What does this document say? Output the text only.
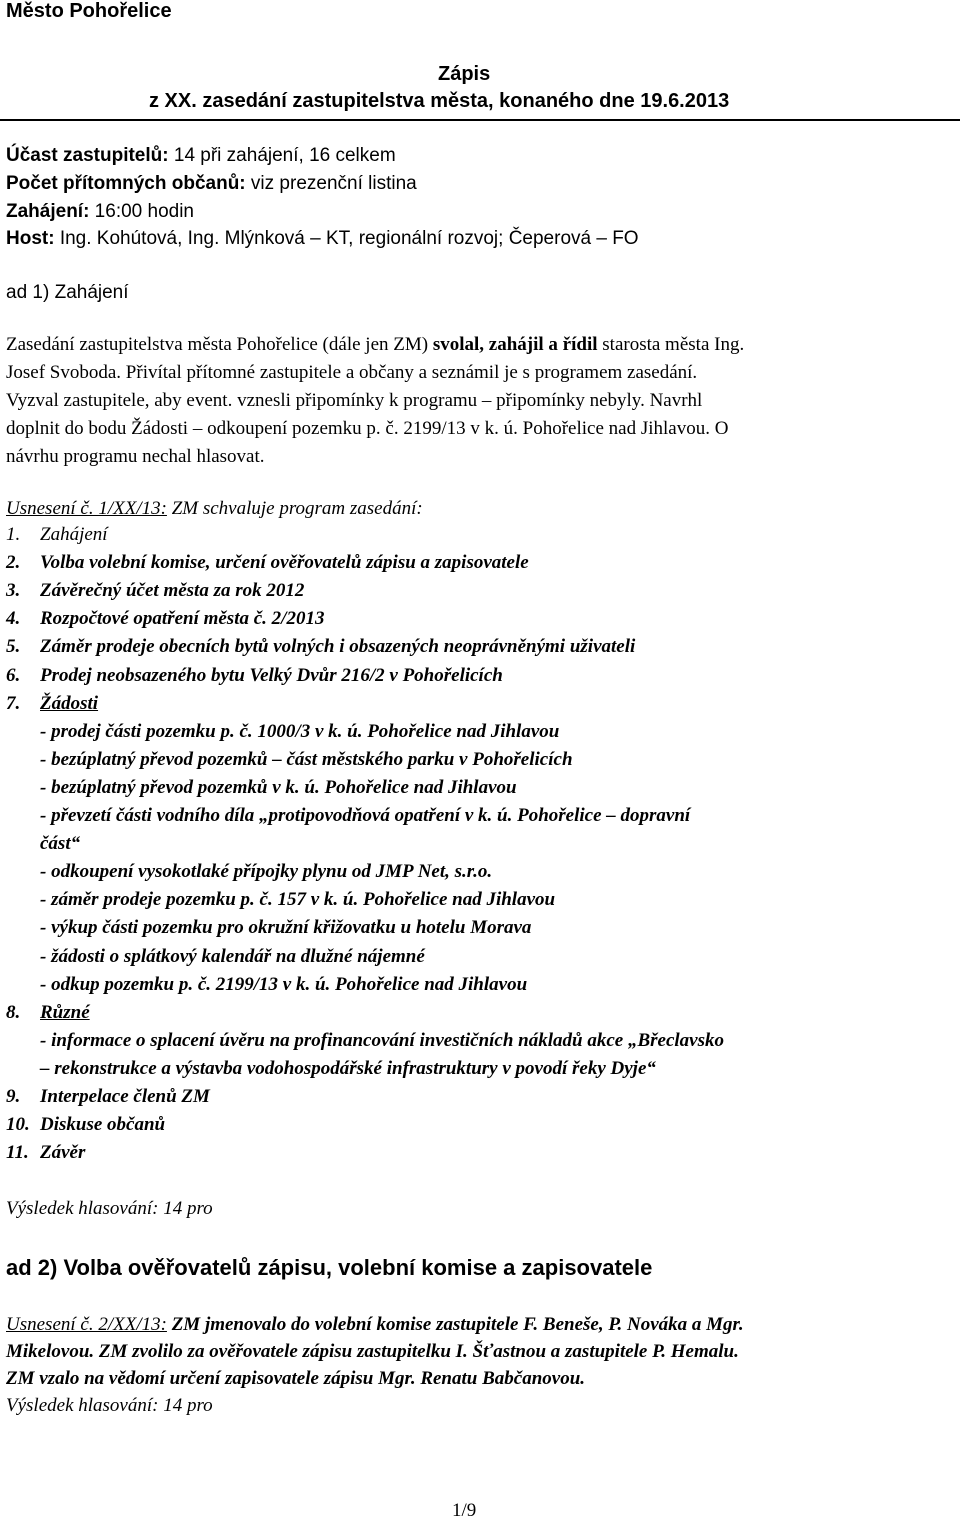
Město Pohořelice
Zápis
z XX. zasedání zastupitelstva města, konaného dne 19.6.2013
Účast zastupitelů: 14 při zahájení, 16 celkem
Počet přítomných občanů: viz prezenční listina
Zahájení: 16:00 hodin
Host: Ing. Kohútová, Ing. Mlýnková – KT, regionální rozvoj; Čeperová – FO
ad 1) Zahájení
Zasedání zastupitelstva města Pohořelice (dále jen ZM) svolal, zahájil a řídil starosta města Ing.
Josef Svoboda. Přivítal přítomné zastupitele a občany a seznámil je s programem zasedání.
Vyzval zastupitele, aby event. vznesli připomínky k programu – připomínky nebyly. Navrhl
doplnit do bodu Žádosti – odkoupení pozemku p. č. 2199/13 v k. ú. Pohořelice nad Jihlavou. O
návrhu programu nechal hlasovat.
Usnesení č. 1/XX/13: ZM schvaluje program zasedání:
1. Zahájení
2. Volba volební komise, určení ověřovatelů zápisu a zapisovatele
3. Závěrečný účet města za rok 2012
4. Rozpočtové opatření města č. 2/2013
5. Záměr prodeje obecních bytů volných i obsazených neoprávněnými uživateli
6. Prodej neobsazeného bytu Velký Dvůr 216/2 v Pohořelicích
7. Žádosti
- prodej části pozemku p. č. 1000/3 v k. ú. Pohořelice nad Jihlavou
- bezúplatný převod pozemků – část městského parku v Pohořelicích
- bezúplatný převod pozemků v k. ú. Pohořelice nad Jihlavou
- převzetí části vodního díla „protipovodňová opatření v k. ú. Pohořelice – dopravní
část“
- odkoupení vysokotlaké přípojky plynu od JMP Net, s.r.o.
- záměr prodeje pozemku p. č. 157 v k. ú. Pohořelice nad Jihlavou
- výkup části pozemku pro okružní křižovatku u hotelu Morava
- žádosti o splátkový kalendář na dlužné nájemné
- odkup pozemku p. č. 2199/13 v k. ú. Pohořelice nad Jihlavou
8. Různé
- informace o splacení úvěru na profinancování investičních nákladů akce „Břeclavsko
– rekonstrukce a výstavba vodohospodářské infrastruktury v povodí řeky Dyje“
9. Interpelace členů ZM
10. Diskuse občanů
11. Závěr
Výsledek hlasování: 14 pro
ad 2) Volba ověřovatelů zápisu, volební komise a zapisovatele
Usnesení č. 2/XX/13: ZM jmenovalo do volební komise zastupitele F. Beneše, P. Nováka a Mgr.
Mikelovou. ZM zvolilo za ověřovatele zápisu zastupitelku I. Šťastnou a zastupitele P. Hemalu.
ZM vzalo na vědomí určení zapisovatele zápisu Mgr. Renatu Babčanovou.
Výsledek hlasování: 14 pro
1/9
